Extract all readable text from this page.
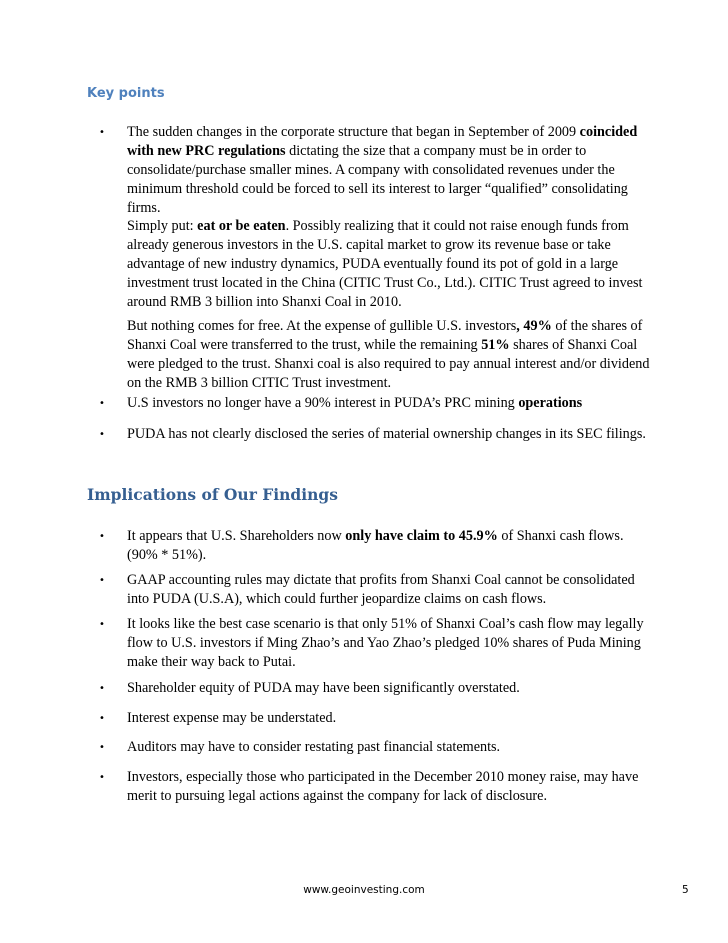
Key points
• The sudden changes in the corporate structure that began in September of 2009 coincided with new PRC regulations dictating the size that a company must be in order to consolidate/purchase smaller mines. A company with consolidated revenues under the minimum threshold could be forced to sell its interest to larger “qualified” consolidating firms.
Simply put: eat or be eaten. Possibly realizing that it could not raise enough funds from already generous investors in the U.S. capital market to grow its revenue base or take advantage of new industry dynamics, PUDA eventually found its pot of gold in a large investment trust located in the China (CITIC Trust Co., Ltd.). CITIC Trust agreed to invest around RMB 3 billion into Shanxi Coal in 2010.
But nothing comes for free. At the expense of gullible U.S. investors, 49% of the shares of Shanxi Coal were transferred to the trust, while the remaining 51% shares of Shanxi Coal were pledged to the trust. Shanxi coal is also required to pay annual interest and/or dividend on the RMB 3 billion CITIC Trust investment.
• U.S investors no longer have a 90% interest in PUDA’s PRC mining operations
• PUDA has not clearly disclosed the series of material ownership changes in its SEC filings.
Implications of Our Findings
• It appears that U.S. Shareholders now only have claim to 45.9% of Shanxi cash flows. (90% * 51%).
• GAAP accounting rules may dictate that profits from Shanxi Coal cannot be consolidated into PUDA (U.S.A), which could further jeopardize claims on cash flows.
• It looks like the best case scenario is that only 51% of Shanxi Coal’s cash flow may legally flow to U.S. investors if Ming Zhao’s and Yao Zhao’s pledged 10% shares of Puda Mining make their way back to Putai.
• Shareholder equity of PUDA may have been significantly overstated.
• Interest expense may be understated.
• Auditors may have to consider restating past financial statements.
• Investors, especially those who participated in the December 2010 money raise, may have merit to pursuing legal actions against the company for lack of disclosure.
www.geoinvesting.com	5
